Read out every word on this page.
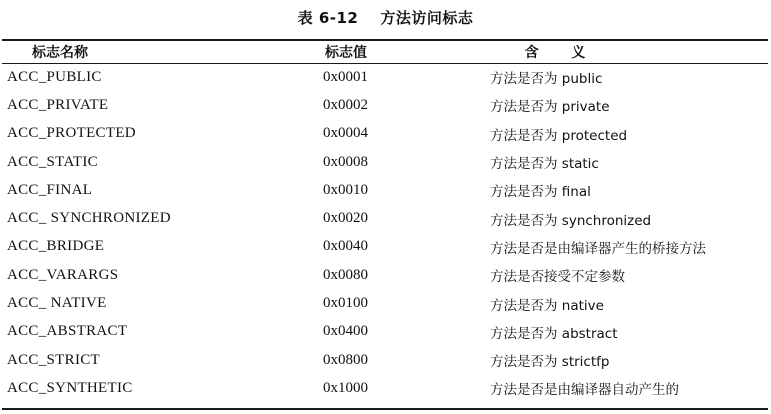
表 6-12 方法访问标志
标志名称	标志值	含 义
ACC_PUBLIC	0x0001	方法是否为 public
ACC_PRIVATE	0x0002	方法是否为 private
ACC_PROTECTED	0x0004	方法是否为 protected
ACC_STATIC	0x0008	方法是否为 static
ACC_FINAL	0x0010	方法是否为 final
ACC_ SYNCHRONIZED	0x0020	方法是否为 synchronized
ACC_BRIDGE	0x0040	方法是否是由编译器产生的桥接方法
ACC_VARARGS	0x0080	方法是否接受不定参数
ACC_ NATIVE	0x0100	方法是否为 native
ACC_ABSTRACT	0x0400	方法是否为 abstract
ACC_STRICT	0x0800	方法是否为 strictfp
ACC_SYNTHETIC	0x1000	方法是否是由编译器自动产生的
